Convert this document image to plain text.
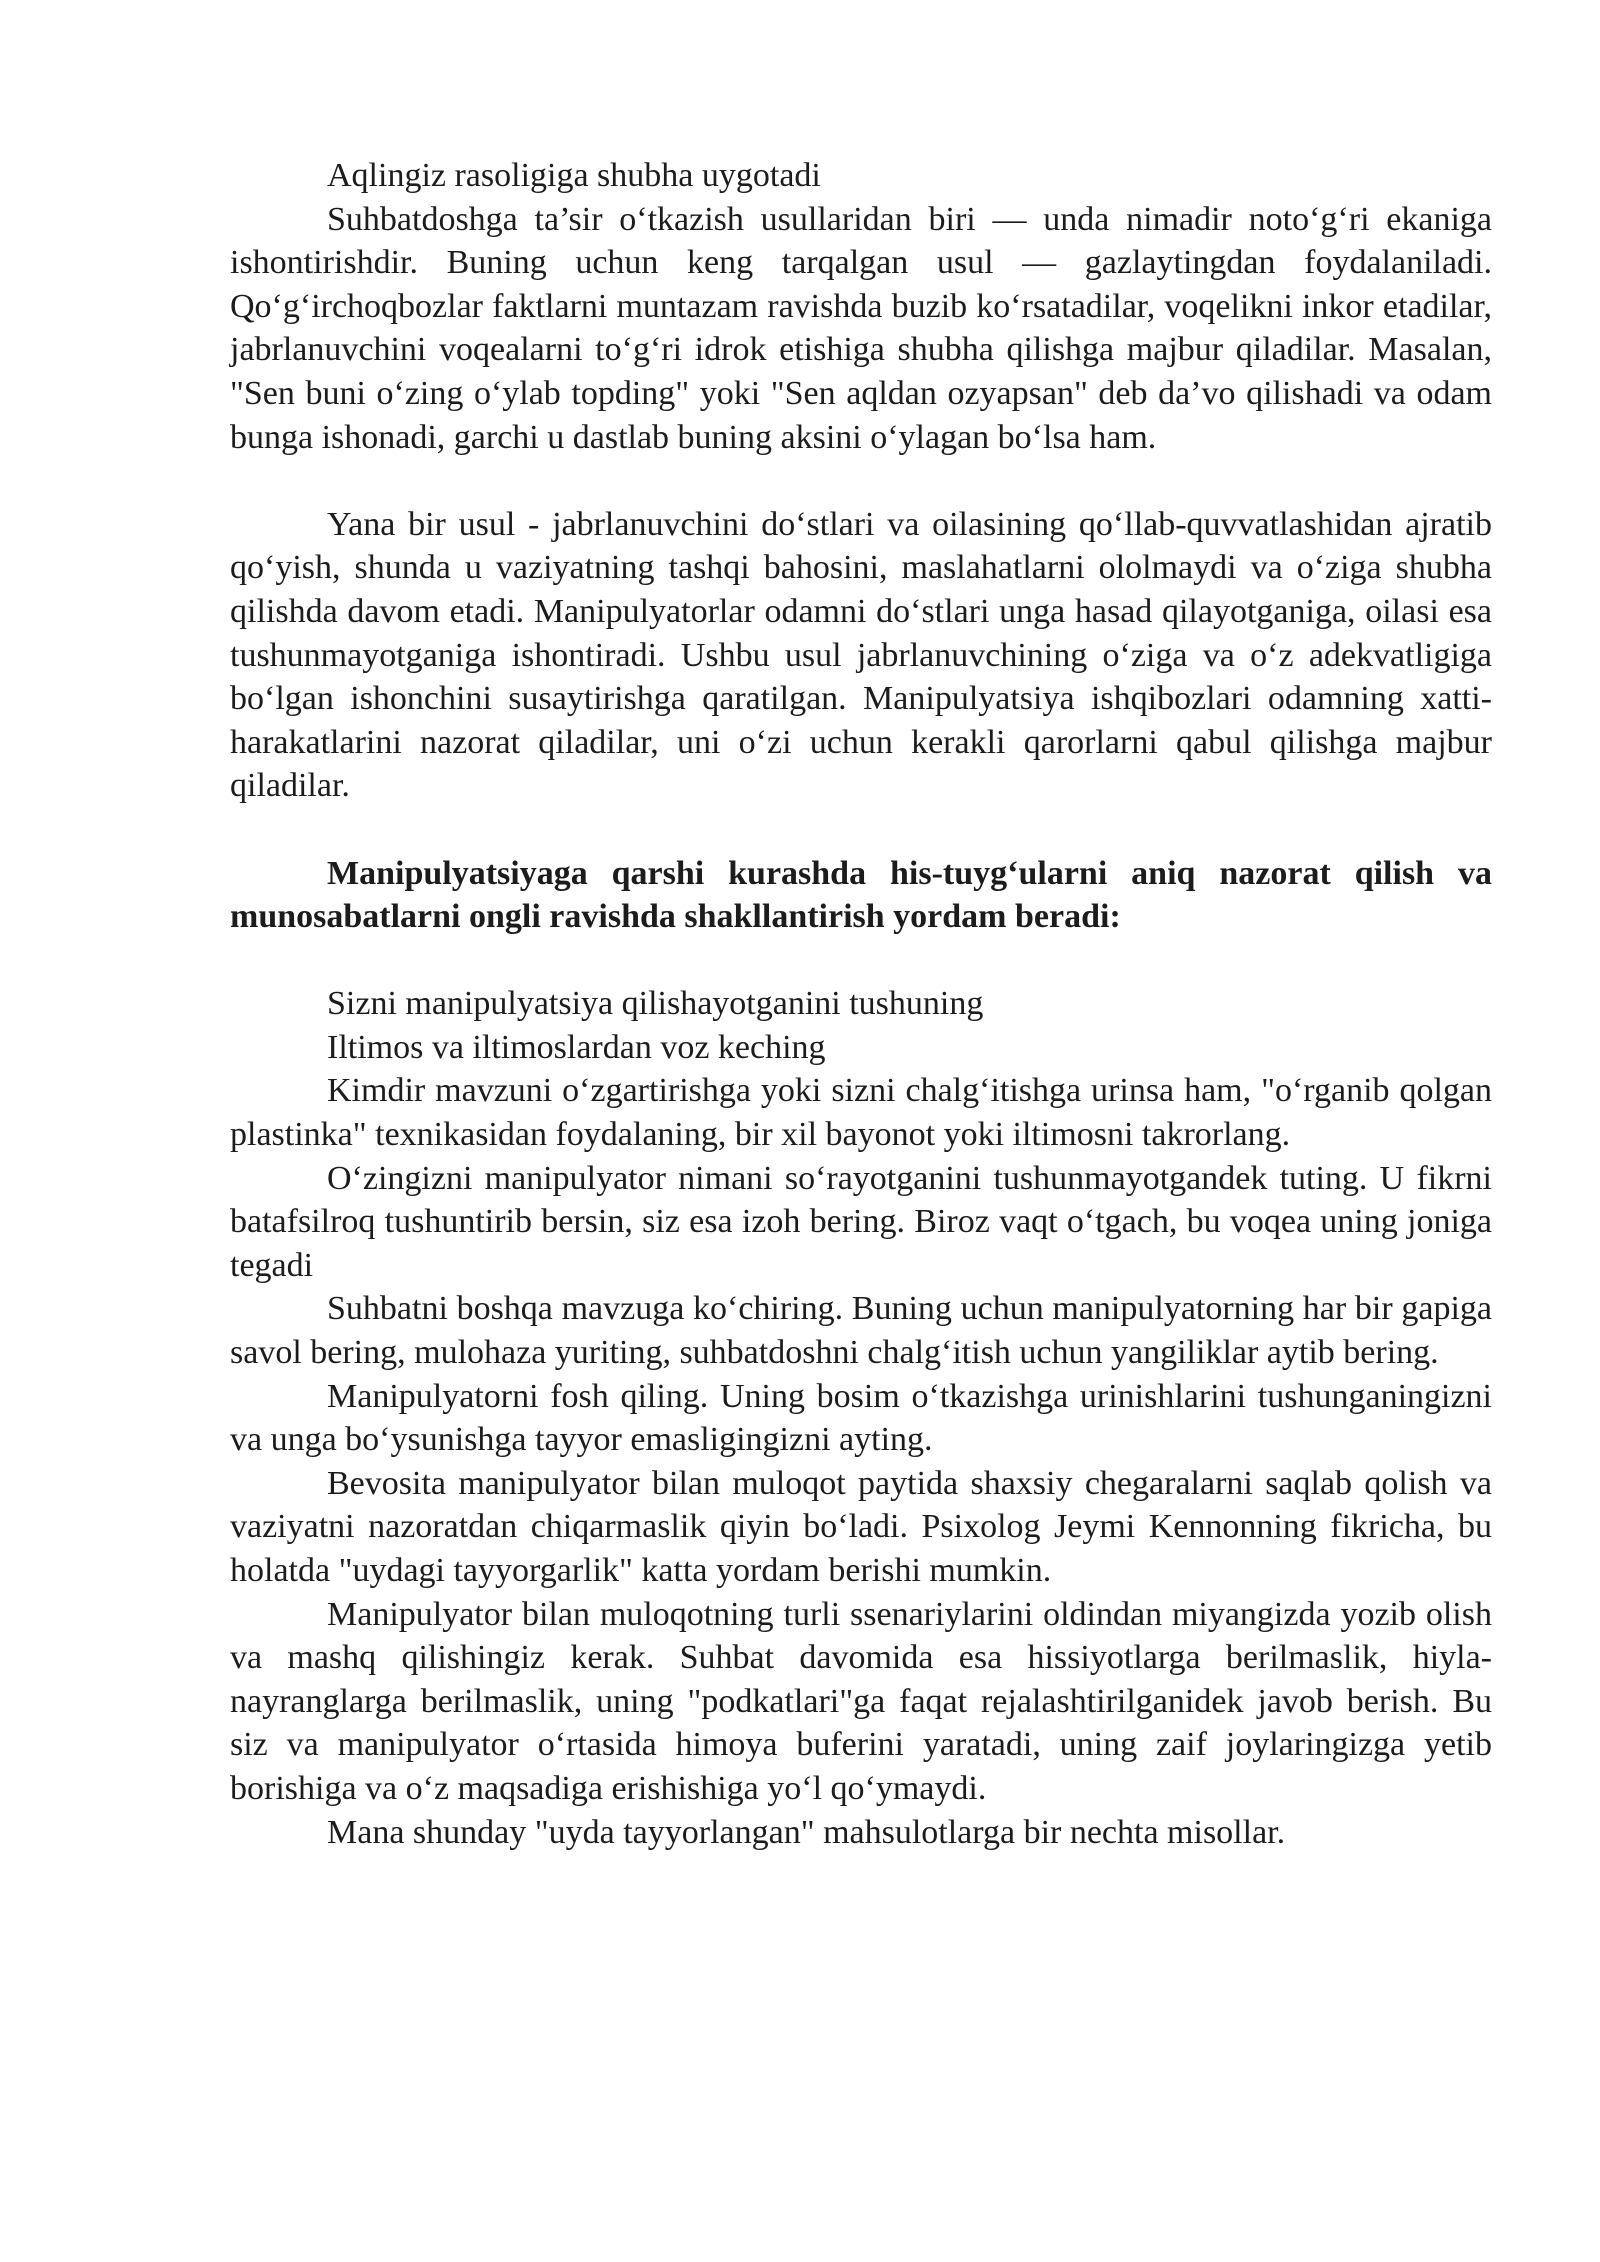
Aqlingiz rasoligiga shubha uygotadi

Suhbatdoshga ta’sir o‘tkazish usullaridan biri — unda nimadir noto‘g‘ri ekaniga ishontirishdir. Buning uchun keng tarqalgan usul — gazlaytingdan foydalaniladi. Qo‘g‘irchoqbozlar faktlarni muntazam ravishda buzib ko‘rsatadilar, voqelikni inkor etadilar, jabrlanuvchini voqealarni to‘g‘ri idrok etishiga shubha qilishga majbur qiladilar. Masalan, "Sen buni o‘zing o‘ylab topding" yoki "Sen aqldan ozyapsan" deb da’vo qilishadi va odam bunga ishonadi, garchi u dastlab buning aksini o‘ylagan bo‘lsa ham.

Yana bir usul - jabrlanuvchini do‘stlari va oilasining qo‘llab-quvvatlashidan ajratib qo‘yish, shunda u vaziyatning tashqi bahosini, maslahatlarni ololmaydi va o‘ziga shubha qilishda davom etadi. Manipulyatorlar odamni do‘stlari unga hasad qilayotganiga, oilasi esa tushunmayotganiga ishontiradi. Ushbu usul jabrlanuvchining o‘ziga va o‘z adekvatligiga bo‘lgan ishonchini susaytirishga qaratilgan. Manipulyatsiya ishqibozlari odamning xatti-harakatlarini nazorat qiladilar, uni o‘zi uchun kerakli qarorlarni qabul qilishga majbur qiladilar.

Manipulyatsiyaga qarshi kurashda his-tuyg‘ularni aniq nazorat qilish va munosabatlarni ongli ravishda shakllantirish yordam beradi:

Sizni manipulyatsiya qilishayotganini tushuning

Iltimos va iltimoslardan voz keching

Kimdir mavzuni o‘zgartirishga yoki sizni chalg‘itishga urinsa ham, "o‘rganib qolgan plastinka" texnikasidan foydalaning, bir xil bayonot yoki iltimosni takrorlang.

O‘zingizni manipulyator nimani so‘rayotganini tushunmayotgandek tuting. U fikrni batafsilroq tushuntirib bersin, siz esa izoh bering. Biroz vaqt o‘tgach, bu voqea uning joniga tegadi

Suhbatni boshqa mavzuga ko‘chiring. Buning uchun manipulyatorning har bir gapiga savol bering, mulohaza yuriting, suhbatdoshni chalg‘itish uchun yangiliklar aytib bering.

Manipulyatorni fosh qiling. Uning bosim o‘tkazishga urinishlarini tushunganingizni va unga bo‘ysunishga tayyor emasligingizni ayting.

Bevosita manipulyator bilan muloqot paytida shaxsiy chegaralarni saqlab qolish va vaziyatni nazoratdan chiqarmaslik qiyin bo‘ladi. Psixolog Jeymi Kennonning fikricha, bu holatda "uydagi tayyorgarlik" katta yordam berishi mumkin.

Manipulyator bilan muloqotning turli ssenariylarini oldindan miyangizda yozib olish va mashq qilishingiz kerak. Suhbat davomida esa hissiyotlarga berilmaslik, hiyla-nayranglarga berilmaslik, uning "podkatlari"ga faqat rejalashtirilganidek javob berish. Bu siz va manipulyator o‘rtasida himoya buferini yaratadi, uning zaif joylaringizga yetib borishiga va o‘z maqsadiga erishishiga yo‘l qo‘ymaydi.

Mana shunday "uyda tayyorlangan" mahsulotlarga bir nechta misollar.
